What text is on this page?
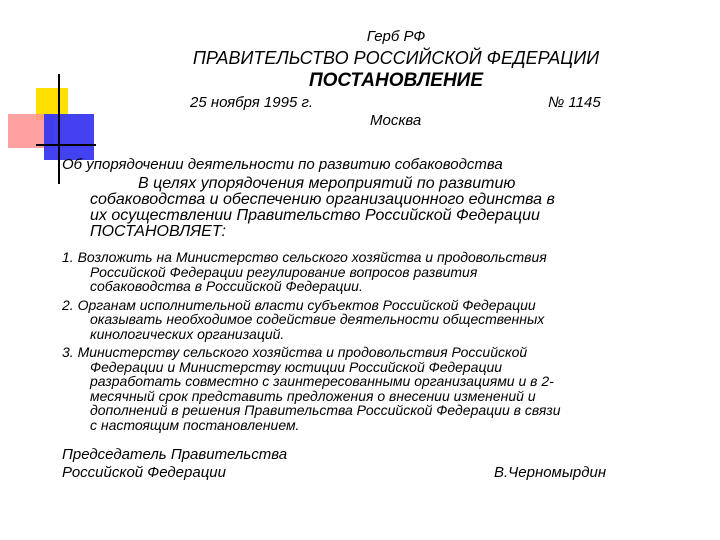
Герб РФ
ПРАВИТЕЛЬСТВО РОССИЙСКОЙ ФЕДЕРАЦИИ
ПОСТАНОВЛЕНИЕ
25 ноября 1995 г.	№ 1145
Москва
Об упорядочении деятельности по развитию собаководства
В целях упорядочения мероприятий по развитию
собаководства и обеспечению организационного единства в
их осуществлении Правительство Российской Федерации
ПОСТАНОВЛЯЕТ:
1. Возложить на Министерство сельского хозяйства и продовольствия
Российской Федерации регулирование вопросов развития
собаководства в Российской Федерации.
2. Органам исполнительной власти субъектов Российской Федерации
оказывать необходимое содействие деятельности общественных
кинологических организаций.
3. Министерству сельского хозяйства и продовольствия Российской
Федерации и Министерству юстиции Российской Федерации
разработать совместно с заинтересованными организациями и в 2-
месячный срок представить предложения о внесении изменений и
дополнений в решения Правительства Российской Федерации в связи
с настоящим постановлением.
Председатель Правительства
Российской Федерации	В.Черномырдин
